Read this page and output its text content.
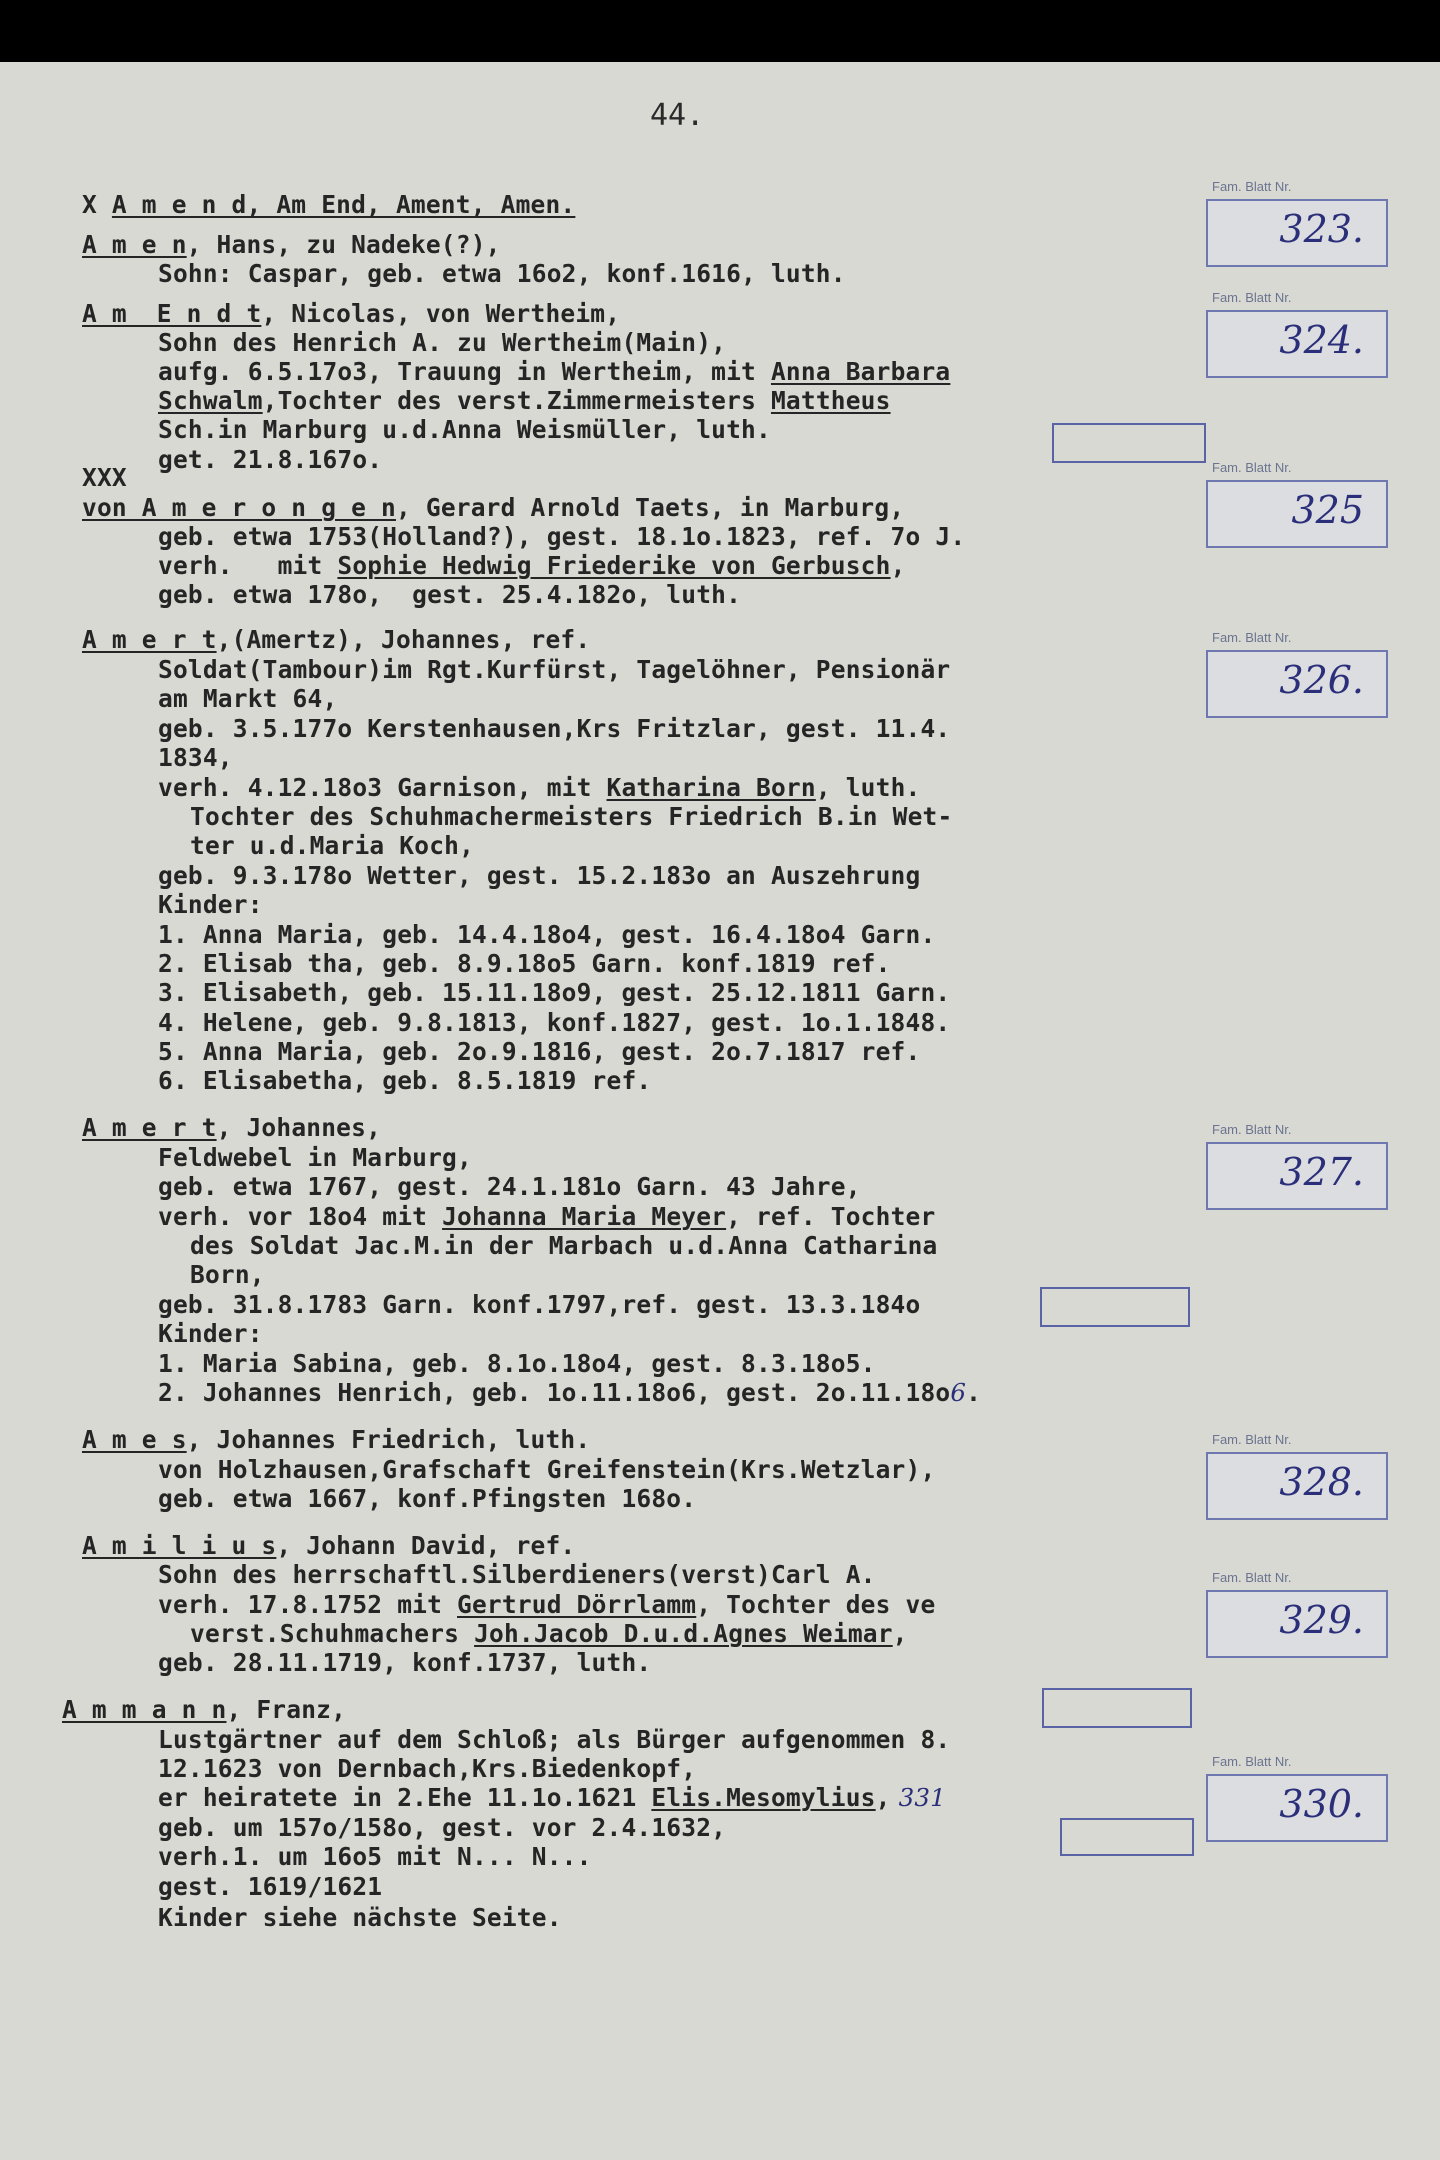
44.
X A m e n d, Am End, Ament, Amen.
A m e n, Hans, zu Nadeke(?),
Sohn: Caspar, geb. etwa 16o2, konf.1616, luth.
A m  E n d t, Nicolas, von Wertheim,
Sohn des Henrich A. zu Wertheim(Main),
aufg. 6.5.17o3, Trauung in Wertheim, mit Anna Barbara
Schwalm,Tochter des verst.Zimmermeisters Mattheus
Sch.in Marburg u.d.Anna Weismüller, luth.
get. 21.8.167o.
XXX
von A m e r o n g e n, Gerard Arnold Taets, in Marburg,
geb. etwa 1753(Holland?), gest. 18.1o.1823, ref. 7o J.
verh.   mit Sophie Hedwig Friederike von Gerbusch,
geb. etwa 178o,  gest. 25.4.182o, luth.
A m e r t,(Amertz), Johannes, ref.
Soldat(Tambour)im Rgt.Kurfürst, Tagelöhner, Pensionär
am Markt 64,
geb. 3.5.177o Kerstenhausen,Krs Fritzlar, gest. 11.4.
1834,
verh. 4.12.18o3 Garnison, mit Katharina Born, luth.
Tochter des Schuhmachermeisters Friedrich B.in Wet-
ter u.d.Maria Koch,
geb. 9.3.178o Wetter, gest. 15.2.183o an Auszehrung
Kinder:
1. Anna Maria, geb. 14.4.18o4, gest. 16.4.18o4 Garn.
2. Elisab tha, geb. 8.9.18o5 Garn. konf.1819 ref.
3. Elisabeth, geb. 15.11.18o9, gest. 25.12.1811 Garn.
4. Helene, geb. 9.8.1813, konf.1827, gest. 1o.1.1848.
5. Anna Maria, geb. 2o.9.1816, gest. 2o.7.1817 ref.
6. Elisabetha, geb. 8.5.1819 ref.
A m e r t, Johannes,
Feldwebel in Marburg,
geb. etwa 1767, gest. 24.1.181o Garn. 43 Jahre,
verh. vor 18o4 mit Johanna Maria Meyer, ref. Tochter
des Soldat Jac.M.in der Marbach u.d.Anna Catharina
Born,
geb. 31.8.1783 Garn. konf.1797,ref. gest. 13.3.184o
Kinder:
1. Maria Sabina, geb. 8.1o.18o4, gest. 8.3.18o5.
2. Johannes Henrich, geb. 1o.11.18o6, gest. 2o.11.18o6.
A m e s, Johannes Friedrich, luth.
von Holzhausen,Grafschaft Greifenstein(Krs.Wetzlar),
geb. etwa 1667, konf.Pfingsten 168o.
A m i l i u s, Johann David, ref.
Sohn des herrschaftl.Silberdieners(verst)Carl A.
verh. 17.8.1752 mit Gertrud Dörrlamm, Tochter des ve
verst.Schuhmachers Joh.Jacob D.u.d.Agnes Weimar,
geb. 28.11.1719, konf.1737, luth.
A m m a n n, Franz,
Lustgärtner auf dem Schloß; als Bürger aufgenommen 8.
12.1623 von Dernbach,Krs.Biedenkopf,
er heiratete in 2.Ehe 11.1o.1621 Elis.Mesomylius, 331
geb. um 157o/158o, gest. vor 2.4.1632,
verh.1. um 16o5 mit N... N...
gest. 1619/1621
Kinder siehe nächste Seite.
Fam. Blatt Nr.
323.
Fam. Blatt Nr.
324.
Fam. Blatt Nr.
325
Fam. Blatt Nr.
326.
Fam. Blatt Nr.
327.
Fam. Blatt Nr.
328.
Fam. Blatt Nr.
329.
Fam. Blatt Nr.
330.
